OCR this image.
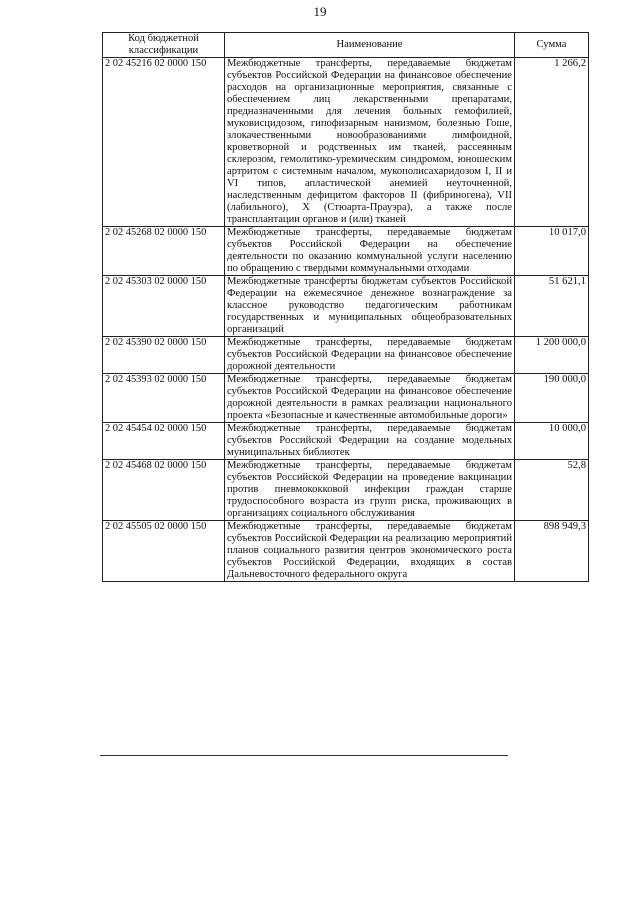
19
Код бюджетной классификации	Наименование	Сумма
2 02 45216 02 0000 150	Межбюджетные трансферты, передаваемые бюджетам субъектов Российской Федерации на финансовое обеспечение расходов на организационные мероприятия, связанные с обеспечением лиц лекарственными препаратами, предназначенными для лечения больных гемофилией, муковисцидозом, гипофизарным нанизмом, болезнью Гоше, злокачественными новообразованиями лимфоидной, кроветворной и родственных им тканей, рассеянным склерозом, гемолитико-уремическим синдромом, юношеским артритом с системным началом, мукополисахаридозом I, II и VI типов, апластической анемией неуточненной, наследственным дефицитом факторов II (фибриногена), VII (лабильного), X (Стюарта-Прауэра), а также после трансплантации органов и (или) тканей	1 266,2
2 02 45268 02 0000 150	Межбюджетные трансферты, передаваемые бюджетам субъектов Российской Федерации на обеспечение деятельности по оказанию коммунальной услуги населению по обращению с твердыми коммунальными отходами	10 017,0
2 02 45303 02 0000 150	Межбюджетные трансферты бюджетам субъектов Российской Федерации на ежемесячное денежное вознаграждение за классное руководство педагогическим работникам государственных и муниципальных общеобразовательных организаций	51 621,1
2 02 45390 02 0000 150	Межбюджетные трансферты, передаваемые бюджетам субъектов Российской Федерации на финансовое обеспечение дорожной деятельности	1 200 000,0
2 02 45393 02 0000 150	Межбюджетные трансферты, передаваемые бюджетам субъектов Российской Федерации на финансовое обеспечение дорожной деятельности в рамках реализации национального проекта «Безопасные и качественные автомобильные дороги»	190 000,0
2 02 45454 02 0000 150	Межбюджетные трансферты, передаваемые бюджетам субъектов Российской Федерации на создание модельных муниципальных библиотек	10 000,0
2 02 45468 02 0000 150	Межбюджетные трансферты, передаваемые бюджетам субъектов Российской Федерации на проведение вакцинации против пневмококковой инфекции граждан старше трудоспособного возраста из групп риска, проживающих в организациях социального обслуживания	52,8
2 02 45505 02 0000 150	Межбюджетные трансферты, передаваемые бюджетам субъектов Российской Федерации на реализацию мероприятий планов социального развития центров экономического роста субъектов Российской Федерации, входящих в состав Дальневосточного федерального округа	898 949,3
